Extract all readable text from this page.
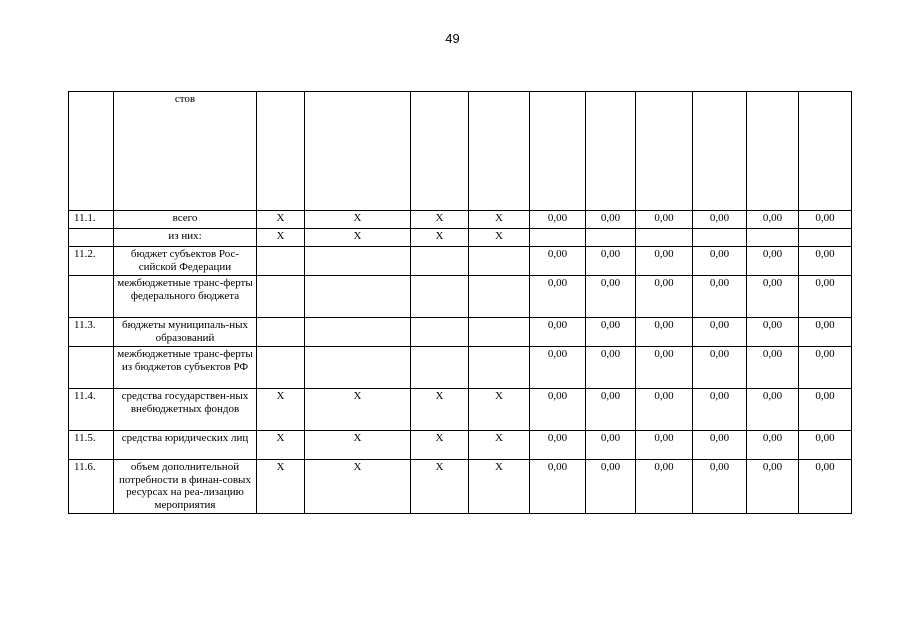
49
	стов										
11.1.	всего	X	X	X	X	0,00	0,00	0,00	0,00	0,00	0,00
	из них:	X	X	X	X						
11.2.	бюджет субъектов Рос-сийской Федерации					0,00	0,00	0,00	0,00	0,00	0,00
	межбюджетные транс-ферты федерального бюджета					0,00	0,00	0,00	0,00	0,00	0,00
11.3.	бюджеты муниципаль-ных образований					0,00	0,00	0,00	0,00	0,00	0,00
	межбюджетные транс-ферты из бюджетов субъектов РФ					0,00	0,00	0,00	0,00	0,00	0,00
11.4.	средства государствен-ных внебюджетных фондов	X	X	X	X	0,00	0,00	0,00	0,00	0,00	0,00
11.5.	средства юридических лиц	X	X	X	X	0,00	0,00	0,00	0,00	0,00	0,00
11.6.	объем дополнительной потребности в финан-совых ресурсах на реа-лизацию мероприятия	X	X	X	X	0,00	0,00	0,00	0,00	0,00	0,00
